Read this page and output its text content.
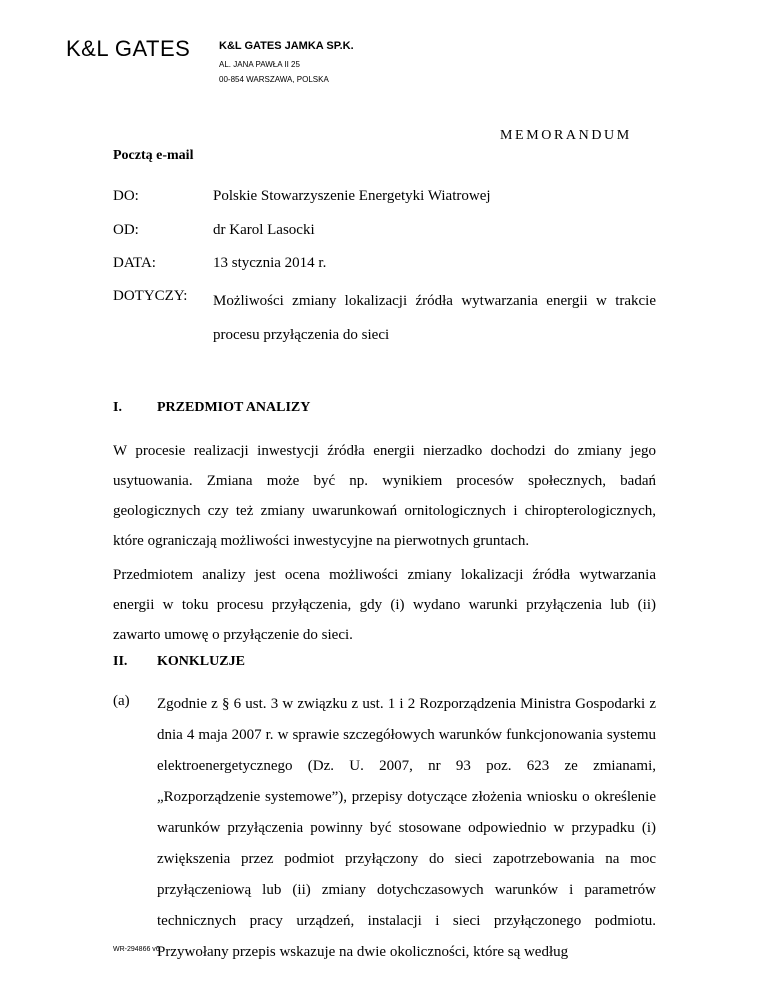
K&L GATES	K&L GATES JAMKA SP.K.
AL. JANA PAWŁA II 25
00-854 WARSZAWA, POLSKA
MEMORANDUM
Pocztą e-mail
DO:	Polskie Stowarzyszenie Energetyki Wiatrowej
OD:	dr Karol Lasocki
DATA:	13 stycznia 2014 r.
DOTYCZY: Możliwości zmiany lokalizacji źródła wytwarzania energii w trakcie procesu przyłączenia do sieci
I.	PRZEDMIOT ANALIZY
W procesie realizacji inwestycji źródła energii nierzadko dochodzi do zmiany jego usytuowania. Zmiana może być np. wynikiem procesów społecznych, badań geologicznych czy też zmiany uwarunkowań ornitologicznych i chiropterologicznych, które ograniczają możliwości inwestycyjne na pierwotnych gruntach.
Przedmiotem analizy jest ocena możliwości zmiany lokalizacji źródła wytwarzania energii w toku procesu przyłączenia, gdy (i) wydano warunki przyłączenia lub (ii) zawarto umowę o przyłączenie do sieci.
II. KONKLUZJE
(a) Zgodnie z § 6 ust. 3 w związku z ust. 1 i 2 Rozporządzenia Ministra Gospodarki z dnia 4 maja 2007 r. w sprawie szczegółowych warunków funkcjonowania systemu elektroenergetycznego (Dz. U. 2007, nr 93 poz. 623 ze zmianami, „Rozporządzenie systemowe”), przepisy dotyczące złożenia wniosku o określenie warunków przyłączenia powinny być stosowane odpowiednio w przypadku (i) zwiększenia przez podmiot przyłączony do sieci zapotrzebowania na moc przyłączeniową lub (ii) zmiany dotychczasowych warunków i parametrów technicznych pracy urządzeń, instalacji i sieci przyłączonego podmiotu. Przywołany przepis wskazuje na dwie okoliczności, które są według
WR-294866 v6
